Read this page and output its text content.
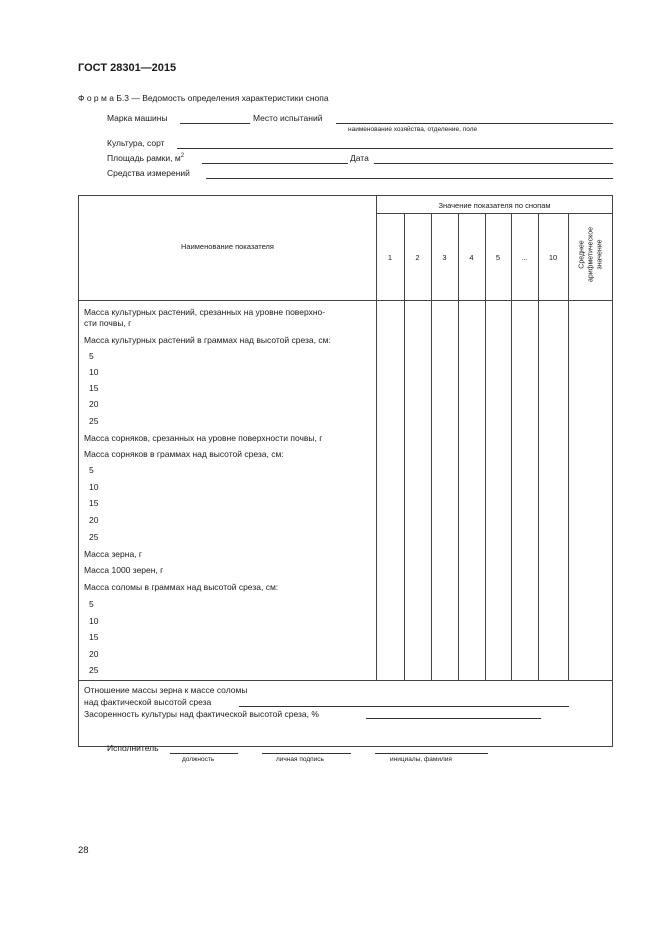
ГОСТ 28301—2015
Ф о р м а Б.3 — Ведомость определения характеристики снопа
Марка машины	Место испытаний
наименование хозяйства, отделение, поле
Культура, сорт
Площадь рамки, $м^2$	Дата
Средства измерений
Наименование показателя
Значение показателя по снопам
1	2	3	4	5	...	10	Среднее арифметическое значение
Масса культурных растений, срезанных на уровне поверхно-
сти почвы, г
Масса культурных растений в граммах над высотой среза, см:
5
10
15
20
25
Масса сорняков, срезанных на уровне поверхности почвы, г
Масса сорняков в граммах над высотой среза, см:
5
10
15
20
25
Масса зерна, г
Масса 1000 зерен, г
Масса соломы в граммах над высотой среза, см:
5
10
15
20
25
Отношение массы зерна к массе соломы
над фактической высотой среза
Засоренность культуры над фактической высотой среза, %
Исполнитель
должность	личная подпись	инициалы, фамилия
28
